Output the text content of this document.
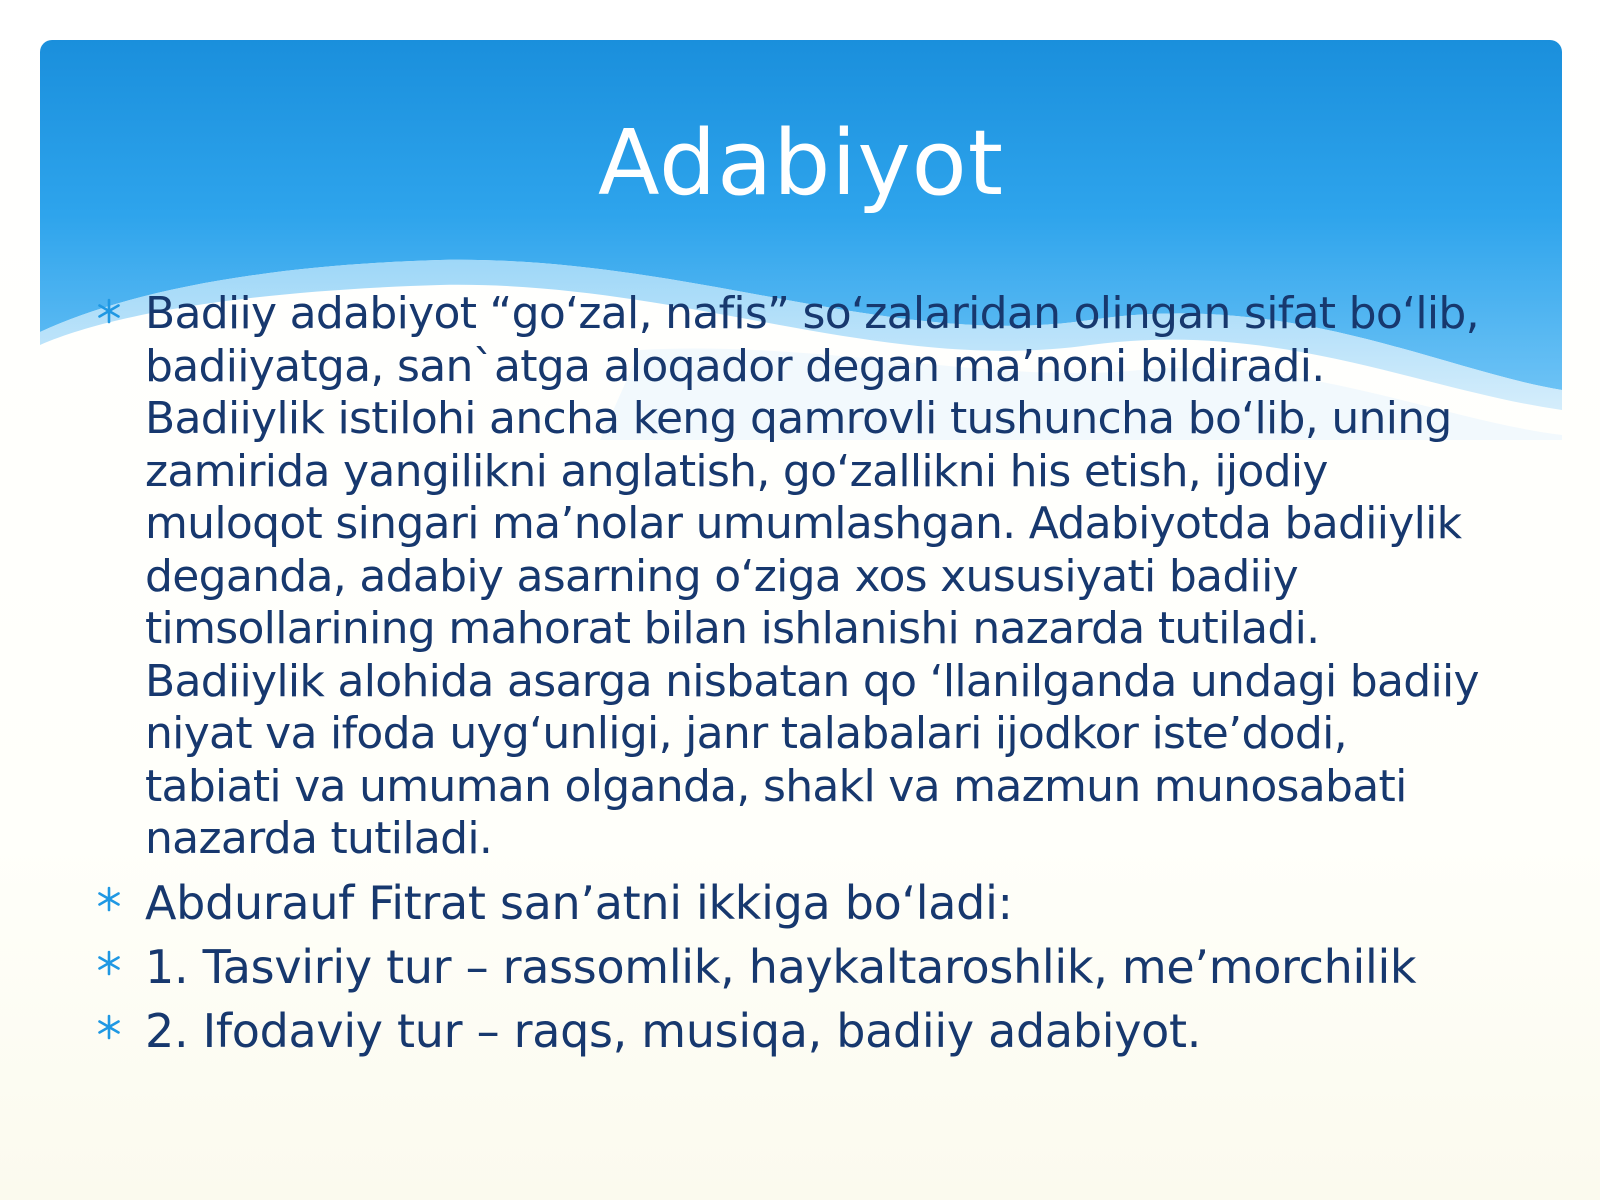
Adabiyot
Badiiy adabiyot “go‘zal, nafis” so‘zalaridan olingan sifat bo‘lib, badiiyatga, san`atga aloqador degan ma’noni bildiradi. Badiiylik istilohi ancha keng qamrovli tushuncha bo‘lib, uning zamirida yangilikni anglatish, go‘zallikni his etish, ijodiy muloqot singari ma’nolar umumlashgan. Adabiyotda badiiylik deganda, adabiy asarning o‘ziga xos xususiyati badiiy timsollarining mahorat bilan ishlanishi nazarda tutiladi. Badiiylik alohida asarga nisbatan qo ‘llanilganda undagi badiiy niyat va ifoda uyg‘unligi, janr talabalari ijodkor iste’dodi, tabiati va umuman olganda, shakl va mazmun munosabati nazarda tutiladi.
Abdurauf Fitrat san’atni ikkiga bo‘ladi:
1. Tasviriy tur – rassomlik, haykaltaroshlik, me’morchilik
2. Ifodaviy tur – raqs, musiqa, badiiy adabiyot.
